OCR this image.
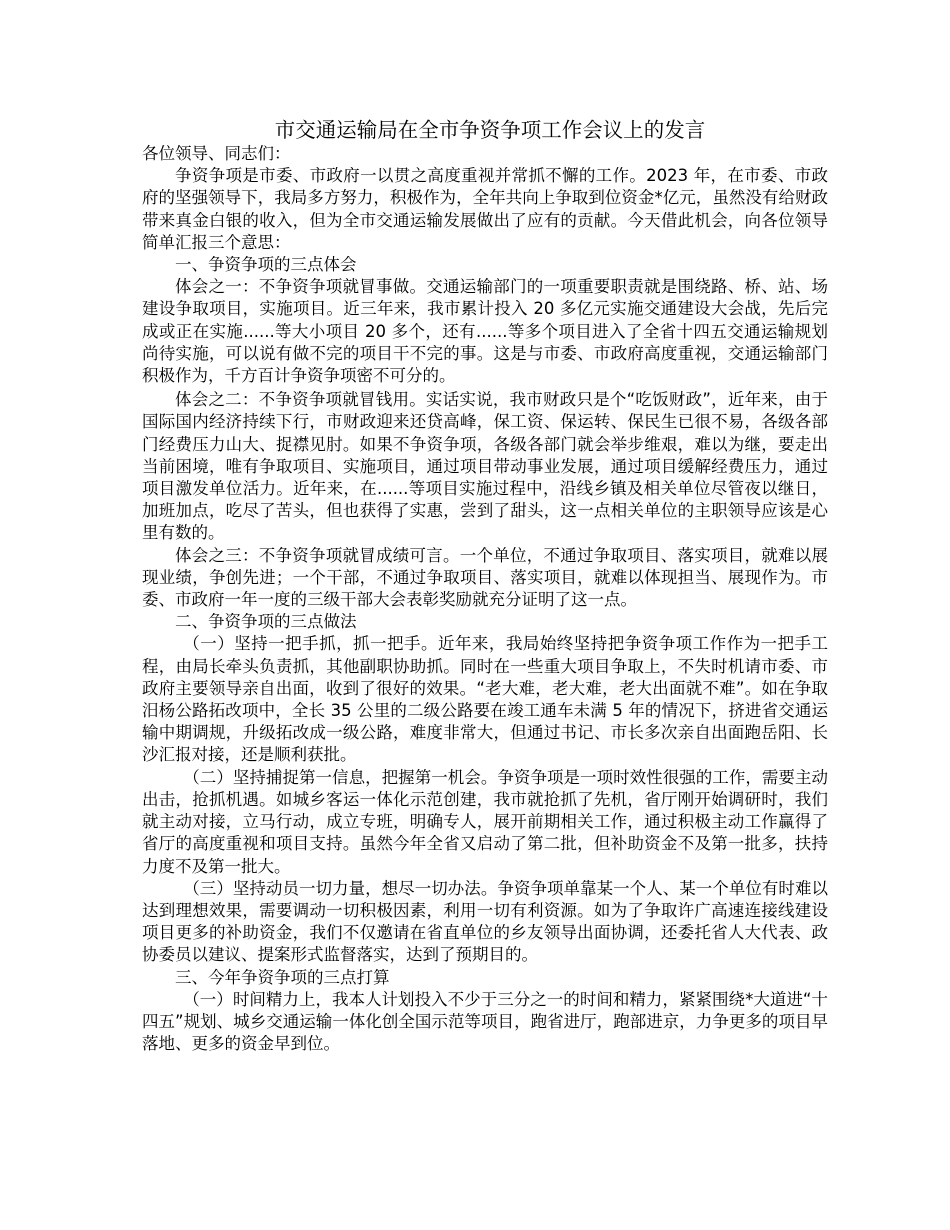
市交通运输局在全市争资争项工作会议上的发言

各位领导、同志们：

争资争项是市委、市政府一以贯之高度重视并常抓不懈的工作。2023 年，在市委、市政府的坚强领导下，我局多方努力，积极作为，全年共向上争取到位资金*亿元，虽然没有给财政带来真金白银的收入，但为全市交通运输发展做出了应有的贡献。今天借此机会，向各位领导简单汇报三个意思：

一、争资争项的三点体会

体会之一：不争资争项就冒事做。交通运输部门的一项重要职责就是围绕路、桥、站、场建设争取项目，实施项目。近三年来，我市累计投入 20 多亿元实施交通建设大会战，先后完成或正在实施......等大小项目 20 多个，还有......等多个项目进入了全省十四五交通运输规划尚待实施，可以说有做不完的项目干不完的事。这是与市委、市政府高度重视，交通运输部门积极作为，千方百计争资争项密不可分的。

体会之二：不争资争项就冒钱用。实话实说，我市财政只是个“吃饭财政”，近年来，由于国际国内经济持续下行，市财政迎来还贷高峰，保工资、保运转、保民生已很不易，各级各部门经费压力山大、捉襟见肘。如果不争资争项，各级各部门就会举步维艰，难以为继，要走出当前困境，唯有争取项目、实施项目，通过项目带动事业发展，通过项目缓解经费压力，通过项目激发单位活力。近年来，在......等项目实施过程中，沿线乡镇及相关单位尽管夜以继日，加班加点，吃尽了苦头，但也获得了实惠，尝到了甜头，这一点相关单位的主职领导应该是心里有数的。

体会之三：不争资争项就冒成绩可言。一个单位，不通过争取项目、落实项目，就难以展现业绩，争创先进；一个干部，不通过争取项目、落实项目，就难以体现担当、展现作为。市委、市政府一年一度的三级干部大会表彰奖励就充分证明了这一点。

二、争资争项的三点做法

（一）坚持一把手抓，抓一把手。近年来，我局始终坚持把争资争项工作作为一把手工程，由局长牵头负责抓，其他副职协助抓。同时在一些重大项目争取上，不失时机请市委、市政府主要领导亲自出面，收到了很好的效果。“老大难，老大难，老大出面就不难”。如在争取汨杨公路拓改项中，全长 35 公里的二级公路要在竣工通车未满 5 年的情况下，挤进省交通运输中期调规，升级拓改成一级公路，难度非常大，但通过书记、市长多次亲自出面跑岳阳、长沙汇报对接，还是顺利获批。

（二）坚持捕捉第一信息，把握第一机会。争资争项是一项时效性很强的工作，需要主动出击，抢抓机遇。如城乡客运一体化示范创建，我市就抢抓了先机，省厅刚开始调研时，我们就主动对接，立马行动，成立专班，明确专人，展开前期相关工作，通过积极主动工作赢得了省厅的高度重视和项目支持。虽然今年全省又启动了第二批，但补助资金不及第一批多，扶持力度不及第一批大。

（三）坚持动员一切力量，想尽一切办法。争资争项单靠某一个人、某一个单位有时难以达到理想效果，需要调动一切积极因素，利用一切有利资源。如为了争取许广高速连接线建设项目更多的补助资金，我们不仅邀请在省直单位的乡友领导出面协调，还委托省人大代表、政协委员以建议、提案形式监督落实，达到了预期目的。

三、今年争资争项的三点打算

（一）时间精力上，我本人计划投入不少于三分之一的时间和精力，紧紧围绕*大道进“十四五”规划、城乡交通运输一体化创全国示范等项目，跑省进厅，跑部进京，力争更多的项目早落地、更多的资金早到位。
